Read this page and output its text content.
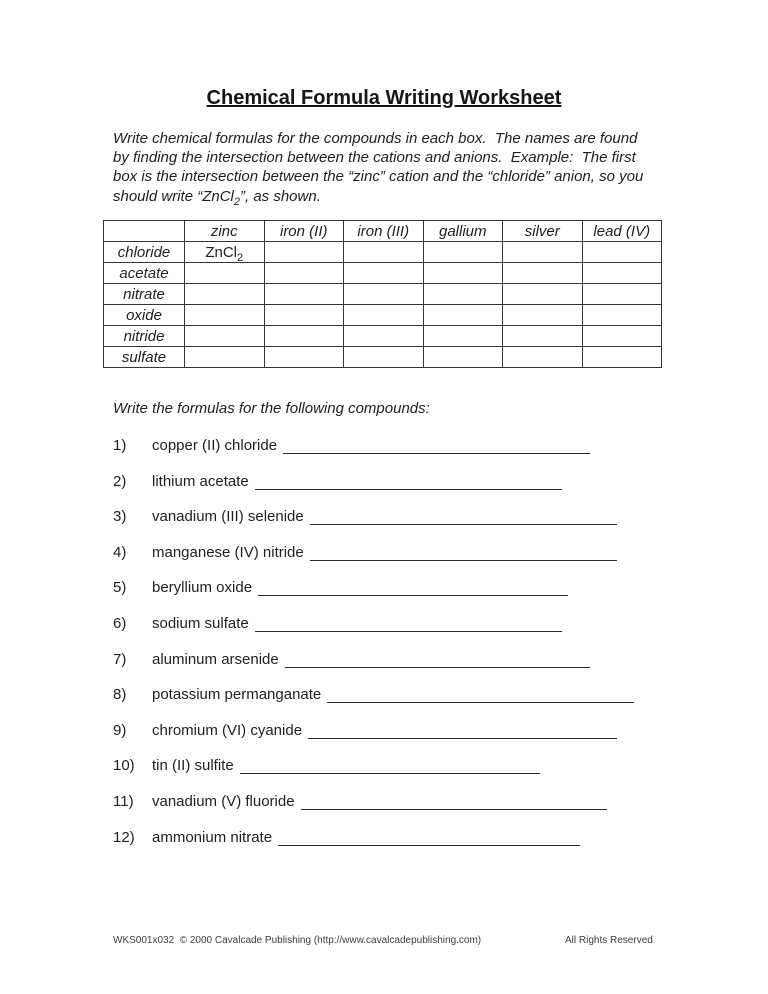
Chemical Formula Writing Worksheet
Write chemical formulas for the compounds in each box.  The names are found
by finding the intersection between the cations and anions.  Example:  The first
box is the intersection between the “zinc” cation and the “chloride” anion, so you
should write “ZnCl$_2$”, as shown.
	zinc	iron (II)	iron (III)	gallium	silver	lead (IV)
chloride	ZnCl$_2$					
acetate						
nitrate						
oxide						
nitride						
sulfate						
Write the formulas for the following compounds:
1)	copper (II) chloride
2)	lithium acetate
3)	vanadium (III) selenide
4)	manganese (IV) nitride
5)	beryllium oxide
6)	sodium sulfate
7)	aluminum arsenide
8)	potassium permanganate
9)	chromium (VI) cyanide
10)	tin (II) sulfite
11)	vanadium (V) fluoride
12)	ammonium nitrate
WKS001x032  © 2000 Cavalcade Publishing (http://www.cavalcadepublishing.com)	All Rights Reserved
